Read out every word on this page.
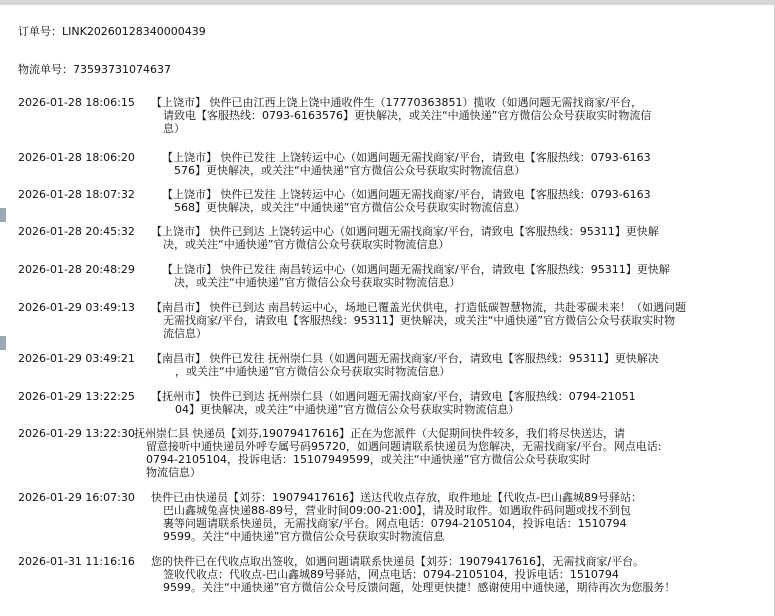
订单号：LINK20260128340000439
物流单号：73593731074637
2026-01-28 18:06:15	【上饶市】 快件已由江西上饶上饶中通收件生（17770363851）揽收（如遇问题无需找商家/平台，
请致电【客服热线：0793-6163576】更快解决，或关注“中通快递”官方微信公众号获取实时物流信
息）
2026-01-28 18:06:20	【上饶市】 快件已发往 上饶转运中心（如遇问题无需找商家/平台，请致电【客服热线：0793-6163
576】更快解决，或关注“中通快递”官方微信公众号获取实时物流信息）
2026-01-28 18:07:32	【上饶市】 快件已发往 上饶转运中心（如遇问题无需找商家/平台，请致电【客服热线：0793-6163
568】更快解决，或关注“中通快递”官方微信公众号获取实时物流信息）
2026-01-28 20:45:32	【上饶市】 快件已到达 上饶转运中心（如遇问题无需找商家/平台，请致电【客服热线：95311】更快解
决，或关注“中通快递”官方微信公众号获取实时物流信息）
2026-01-28 20:48:29	【上饶市】 快件已发往 南昌转运中心（如遇问题无需找商家/平台，请致电【客服热线：95311】更快解
决，或关注“中通快递”官方微信公众号获取实时物流信息）
2026-01-29 03:49:13	【南昌市】 快件已到达 南昌转运中心，场地已覆盖光伏供电，打造低碳智慧物流，共赴零碳未来！（如遇问题
无需找商家/平台，请致电【客服热线：95311】更快解决，或关注“中通快递”官方微信公众号获取实时物
流信息）
2026-01-29 03:49:21	【南昌市】 快件已发往 抚州崇仁县（如遇问题无需找商家/平台，请致电【客服热线：95311】更快解决
，或关注“中通快递”官方微信公众号获取实时物流信息）
2026-01-29 13:22:25	【抚州市】 快件已到达 抚州崇仁县（如遇问题无需找商家/平台，请致电【客服热线：0794-21051
04】更快解决，或关注“中通快递”官方微信公众号获取实时物流信息）
2026-01-29 13:22:30 抚州崇仁县 快递员【刘芬,19079417616】正在为您派件（大促期间快件较多，我们将尽快送达，请
留意接听中通快递员外呼专属号码95720，如遇问题请联系快递员为您解决，无需找商家/平台。网点电话:
0794-2105104，投诉电话：15107949599，或关注“中通快递”官方微信公众号获取实时
物流信息）
2026-01-29 16:07:30	快件已由快递员【刘芬：19079417616】送达代收点存放，取件地址【代收点-巴山鑫城89号驿站：
巴山鑫城兔喜快递88-89号，营业时间09:00-21:00】，请及时取件。如遇取件码问题或找不到包
裹等问题请联系快递员，无需找商家/平台。网点电话：0794-2105104，投诉电话：1510794
9599。关注“中通快递”官方微信公众号获取实时物流信息
2026-01-31 11:16:16	您的快件已在代收点取出签收，如遇问题请联系快递员【刘芬：19079417616】，无需找商家/平台。
签收代收点：代收点-巴山鑫城89号驿站，网点电话：0794-2105104，投诉电话：1510794
9599。关注“中通快递”官方微信公众号反馈问题，处理更快捷！感谢使用中通快递，期待再次为您服务！
